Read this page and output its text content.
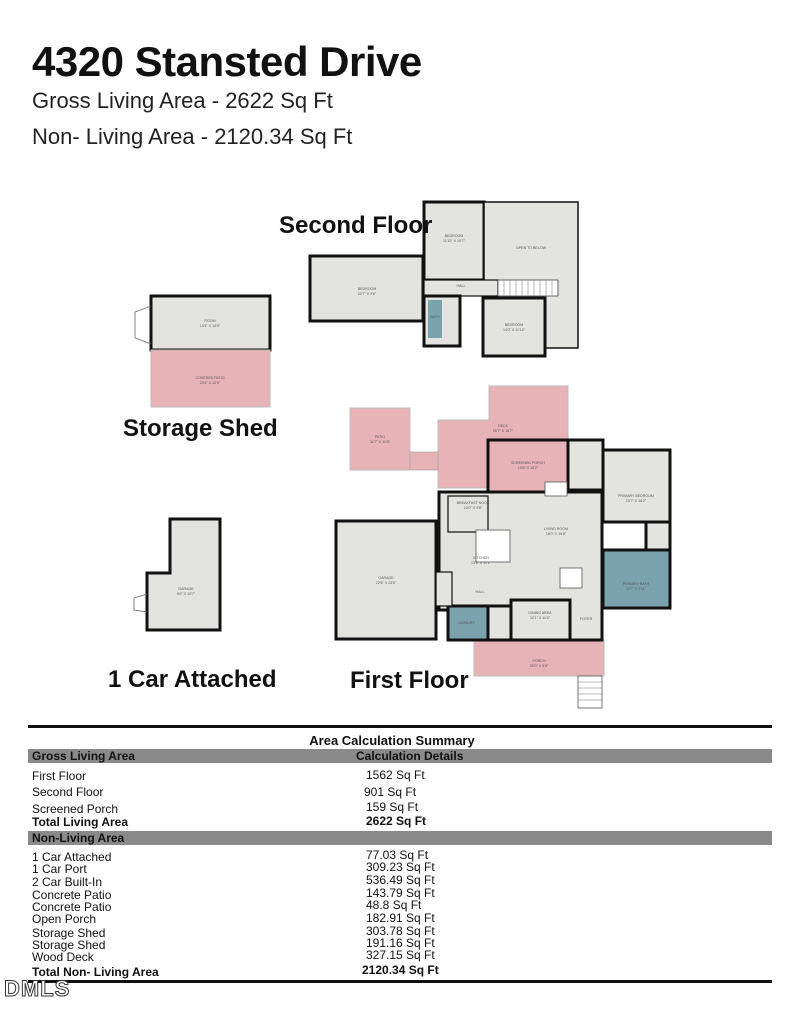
4320 Stansted Drive
Gross Living Area - 2622 Sq Ft
Non- Living Area - 2120.34 Sq Ft
BEDROOM
11'10" X 10'7"
OPEN TO BELOW
BEDROOM
22'7" X 9'8"
HALL
BATH
BEDROOM
14'0" X 11'10"
ROOM
13'4" X 10'0"
COVERED PATIO
20'4" X 10'0"
PATIO
11'7" X 11'8"
DECK
26'7" X 16'7"
SCREENED PORCH
15'8" X 10'2"
BREAKFAST NOOK
10'0" X 9'8"
LIVING ROOM
18'0" X 16'8"
PRIMARY BEDROOM
15'7" X 16'2"
GARAGE
22'6" X 23'5"
KITCHEN
13'8" X 11'1"
HALL
LAUNDRY
DINING AREA
12'1" X 11'0"
PRIMARY BATH
10'7" X 9'11"
PORCH
25'0" X 5'8"
GARAGE
9'0" X 10'7"
FOYER
Second Floor
Storage Shed
1 Car Attached	First Floor
Area Calculation Summary
Gross Living Area	Calculation Details
First Floor	1562 Sq Ft
Second Floor	901 Sq Ft
Screened Porch	159 Sq Ft
Total Living Area	2622 Sq Ft
Non-Living Area
1 Car Attached	77.03 Sq Ft
1 Car Port	309.23 Sq Ft
2 Car Built-In	536.49 Sq Ft
Concrete Patio	143.79 Sq Ft
Concrete Patio	48.8 Sq Ft
Open Porch	182.91 Sq Ft
Storage Shed	303.78 Sq Ft
Storage Shed	191.16 Sq Ft
Wood Deck	327.15 Sq Ft
Total Non- Living Area	2120.34 Sq Ft
DMLS
